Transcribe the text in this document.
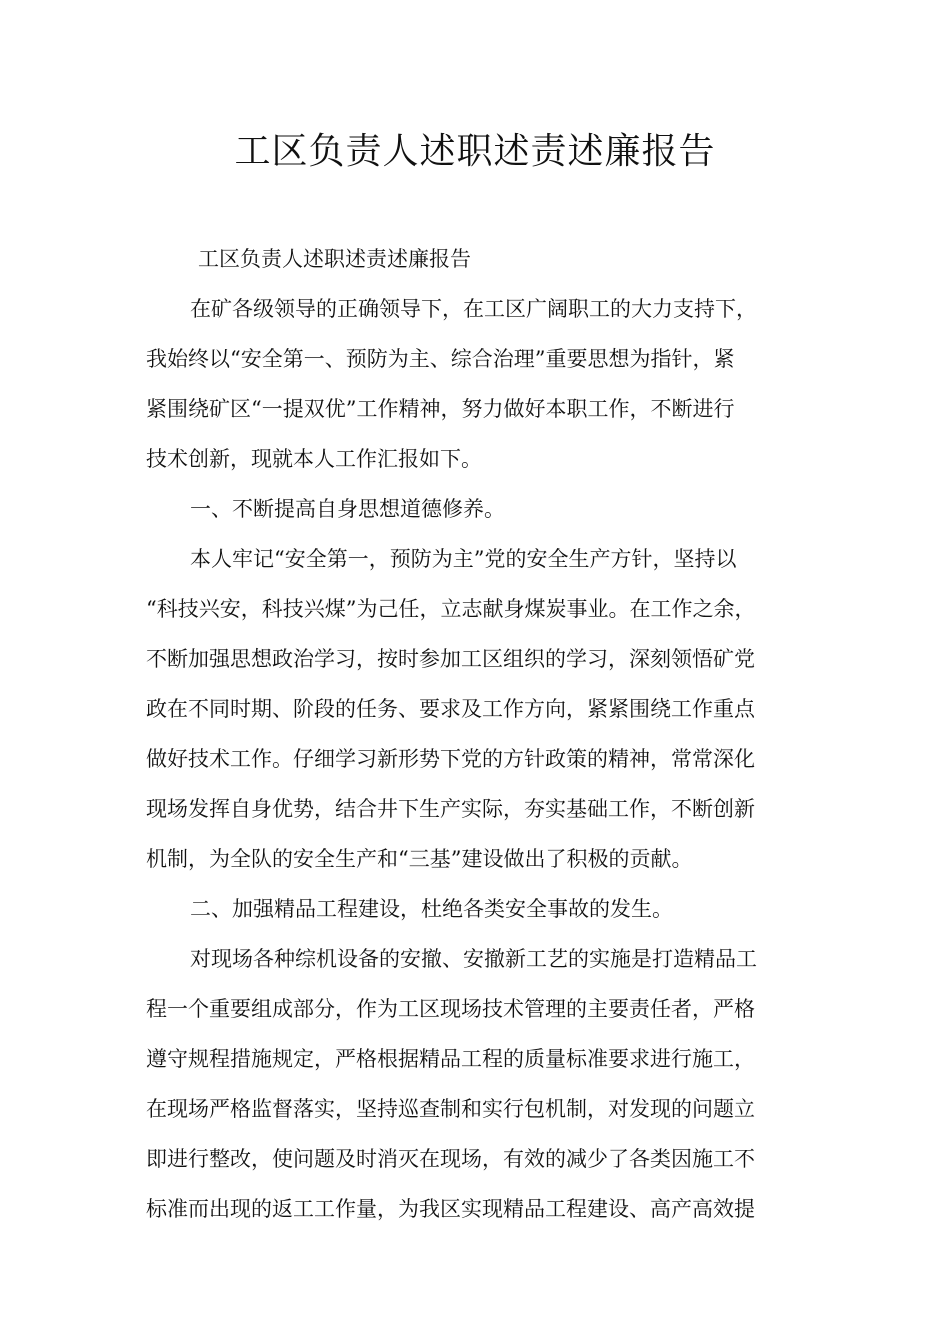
工区负责人述职述责述廉报告
工区负责人述职述责述廉报告
在矿各级领导的正确领导下，在工区广阔职工的大力支持下，
我始终以“安全第一、预防为主、综合治理”重要思想为指针，紧
紧围绕矿区“一提双优”工作精神，努力做好本职工作，不断进行
技术创新，现就本人工作汇报如下。
一、不断提高自身思想道德修养。
本人牢记“安全第一，预防为主”党的安全生产方针，坚持以
“科技兴安，科技兴煤”为己任，立志献身煤炭事业。在工作之余，
不断加强思想政治学习，按时参加工区组织的学习，深刻领悟矿党
政在不同时期、阶段的任务、要求及工作方向，紧紧围绕工作重点
做好技术工作。仔细学习新形势下党的方针政策的精神，常常深化
现场发挥自身优势，结合井下生产实际，夯实基础工作，不断创新
机制，为全队的安全生产和“三基”建设做出了积极的贡献。
二、加强精品工程建设，杜绝各类安全事故的发生。
对现场各种综机设备的安撤、安撤新工艺的实施是打造精品工
程一个重要组成部分，作为工区现场技术管理的主要责任者，严格
遵守规程措施规定，严格根据精品工程的质量标准要求进行施工，
在现场严格监督落实，坚持巡查制和实行包机制，对发现的问题立
即进行整改，使问题及时消灭在现场，有效的减少了各类因施工不
标准而出现的返工工作量，为我区实现精品工程建设、高产高效提
